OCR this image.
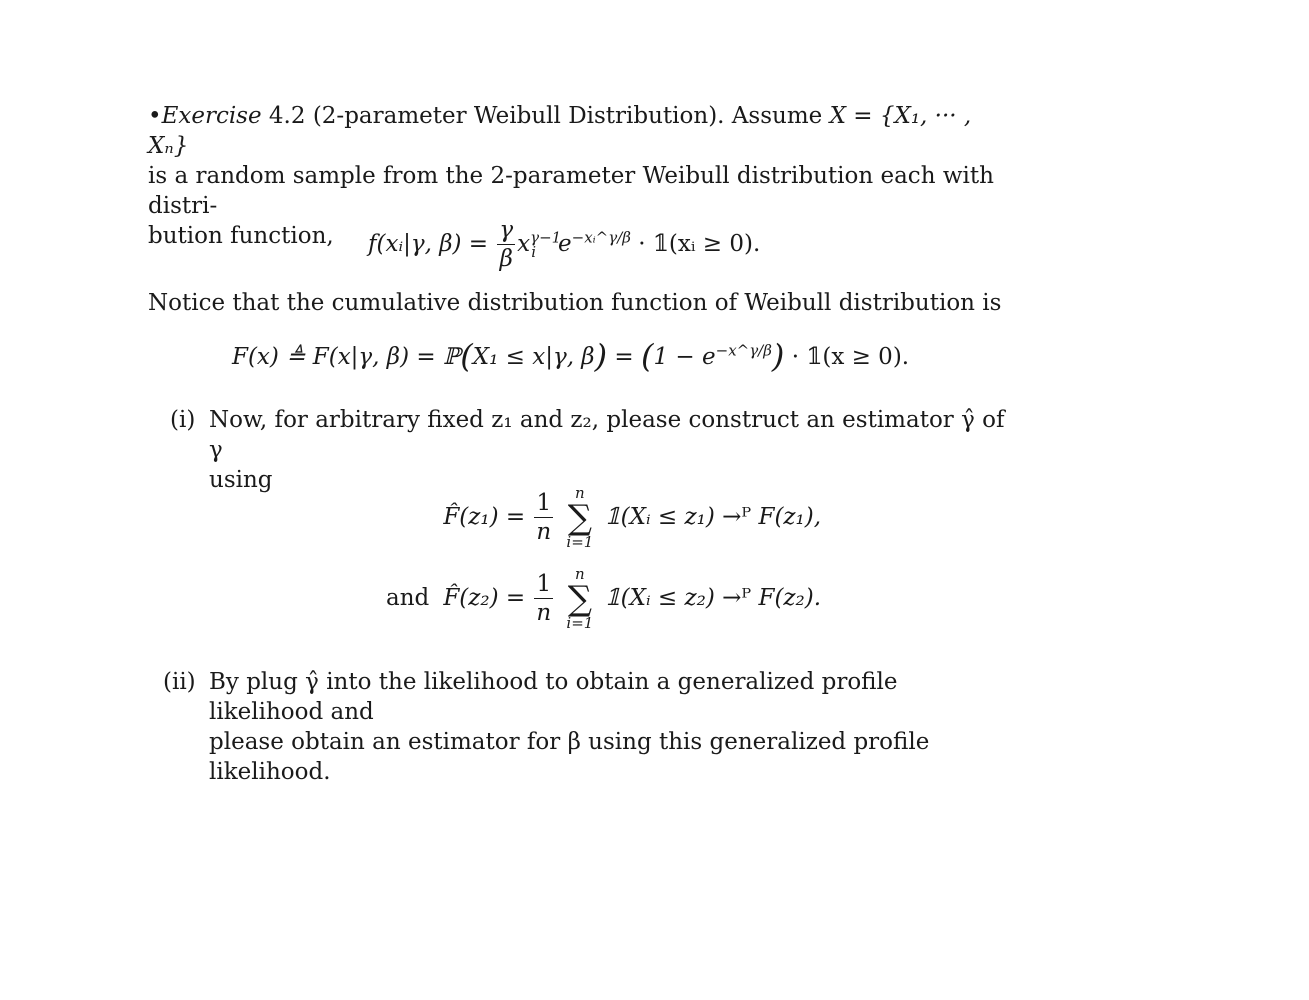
•Exercise 4.2 (2-parameter Weibull Distribution). Assume X = {X₁, ··· , Xₙ}
is a random sample from the 2-parameter Weibull distribution each with distri-
bution function,	f(xᵢ|γ, $\beta) = \frac{\gamma}{\beta} x^{\gamma-1}_i$ $e^{-xᵢ\^{}\gamma/\beta}$ · 𝟙(xᵢ ≥ 0).
Notice that the cumulative distribution function of Weibull distribution is
F(x) ≜ F(x|γ, β) = ℙ(X₁ ≤ x|γ, $\beta) = (1 - e^{-x\^{}\gamma/\beta})$ · 𝟙(x ≥ 0).
(i) Now, for arbitrary fixed z₁ and z₂, please construct an estimator γ̂ of γ
using
F̂(z₁) = $\frac{1}{n}$
	n
∑
i=1
𝟙(Xᵢ ≤ z₁) →ᴾ F(z₁),
and F̂(z₂) = $\frac{1}{n}$
	n
∑
i=1
𝟙(Xᵢ ≤ z₂) →ᴾ F(z₂).
(ii) By plug γ̂ into the likelihood to obtain a generalized profile likelihood and
please obtain an estimator for β using this generalized profile likelihood.
